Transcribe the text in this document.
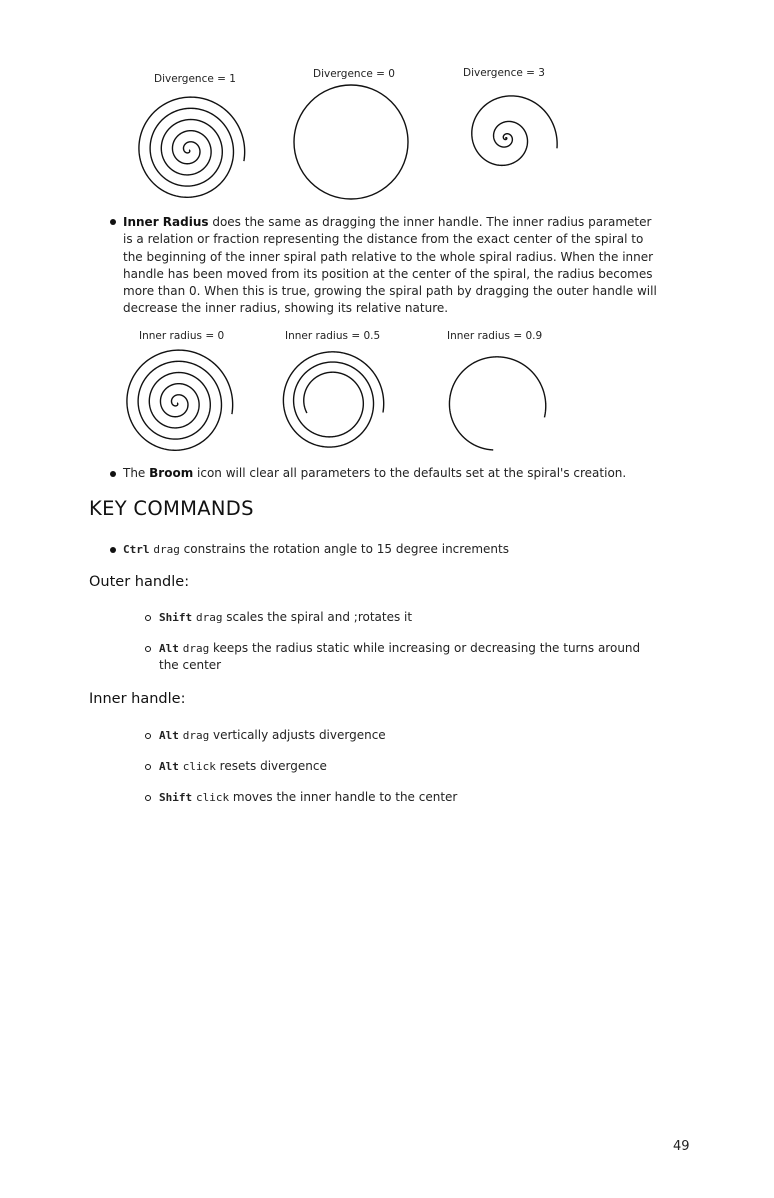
Divergence = 1	Divergence = 0	Divergence = 3
Inner Radius does the same as dragging the inner handle. The inner radius parameter is a relation or fraction representing the distance from the exact center of the spiral to the beginning of the inner spiral path relative to the whole spiral radius. When the inner handle has been moved from its position at the center of the spiral, the radius becomes more than 0. When this is true, growing the spiral path by dragging the outer handle will decrease the inner radius, showing its relative nature.
Inner radius = 0	Inner radius = 0.5	Inner radius = 0.9
The Broom icon will clear all parameters to the defaults set at the spiral's creation.
KEY COMMANDS
Ctrl drag constrains the rotation angle to 15 degree increments
Outer handle:
Shift drag scales the spiral and ;rotates it
Alt drag keeps the radius static while increasing or decreasing the turns around
the center
Inner handle:
Alt drag vertically adjusts divergence
Alt click resets divergence
Shift click moves the inner handle to the center
49
